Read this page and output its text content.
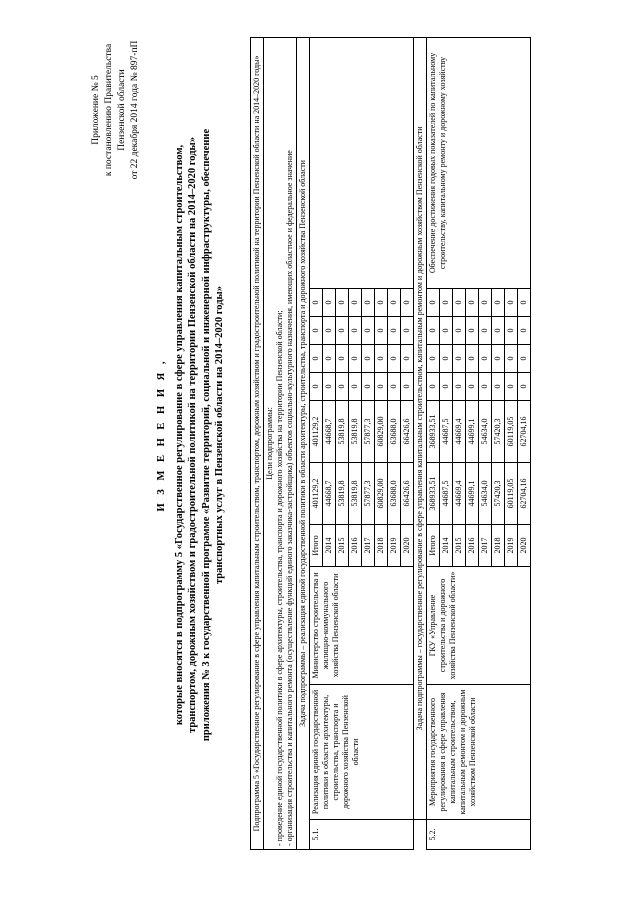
Приложение № 5 к постановлению Правительства Пензенской области от 22 декабря 2014 года № 897-пП
И З М Е Н Е Н И Я , которые вносятся в подпрограмму 5 «Государственное регулирование в сфере управления капитальным строительством, транспортом, дорожным хозяйством и градостроительной политикой на территории Пензенской области на 2014–2020 годы» приложения № 3 к государственной программе «Развитие территорий, социальной и инженерной инфраструктуры, обеспечение транспортных услуг в Пензенской области на 2014–2020 годы»	Подпрограмма 5 «Государственное регулирование в сфере управления капитальным строительством, транспортом, дорожным хозяйством и градостроительной политикой на территории Пензенской области на 2014–2020 годы»										

Цели подпрограммы: - проведение единой государственной политики в сфере архитектуры, строительства, транспорта и дорожного хозяйства на территории Пензенской области; - организация строительства и капитального ремонта (осуществление функций единого заказчика-застройщика) объектов социально-культурного назначения, имеющих областное и федеральное значение										

Задача подпрограммы – реализация единой государственной политики в области архитектуры, строительства, транспорта и дорожного хозяйства Пензенской области										
5.1.	Реализация единой государственной политики в области архитектуры, строительства, транспорта и дорожного хозяйства Пензенской области	Министерство строительства и жилищно-коммунального хозяйства Пензенской области	Итого	401129,2	401129,2	0	0	0	0	
			2014	44668,7	44668,7	0	0	0	0	
			2015	53819,8	53819,8	0	0	0	0	
			2016	53819,8	53819,8	0	0	0	0	
			2017	57877,3	57877,3	0	0	0	0	
			2018	60829,00	60829,00	0	0	0	0	
			2019	63688,0	63688,0	0	0	0	0	
			2020	66426,6	66426,6	0	0	0	0	
	Задача подпрограммы – государственное регулирование в сфере управления капитальным строительством, капитальным ремонтом и дорожным хозяйством Пензенской области									
5.2.	Мероприятия государственного регулирования в сфере управления капитальным строительством, капитальным ремонтом и дорожным хозяйством Пензенской области	ГКУ «Управление строительства и дорожного хозяйства Пензенской области»	Итого	368933,51	368933,51	0	0	0	0	Обеспечение достижения годовых показателей по капитальному строительству, капитальному ремонту и дорожному хозяйству
			2014	44687,5	44687,5	0	0	0	0	
			2015	44669,4	44669,4	0	0	0	0	
			2016	44699,1	44699,1	0	0	0	0	
			2017	54634,0	54634,0	0	0	0	0	
			2018	57420,3	57420,3	0	0	0	0	
			2019	60119,05	60119,05	0	0	0	0	
			2020	62704,16	62704,16	0	0	0	0	
